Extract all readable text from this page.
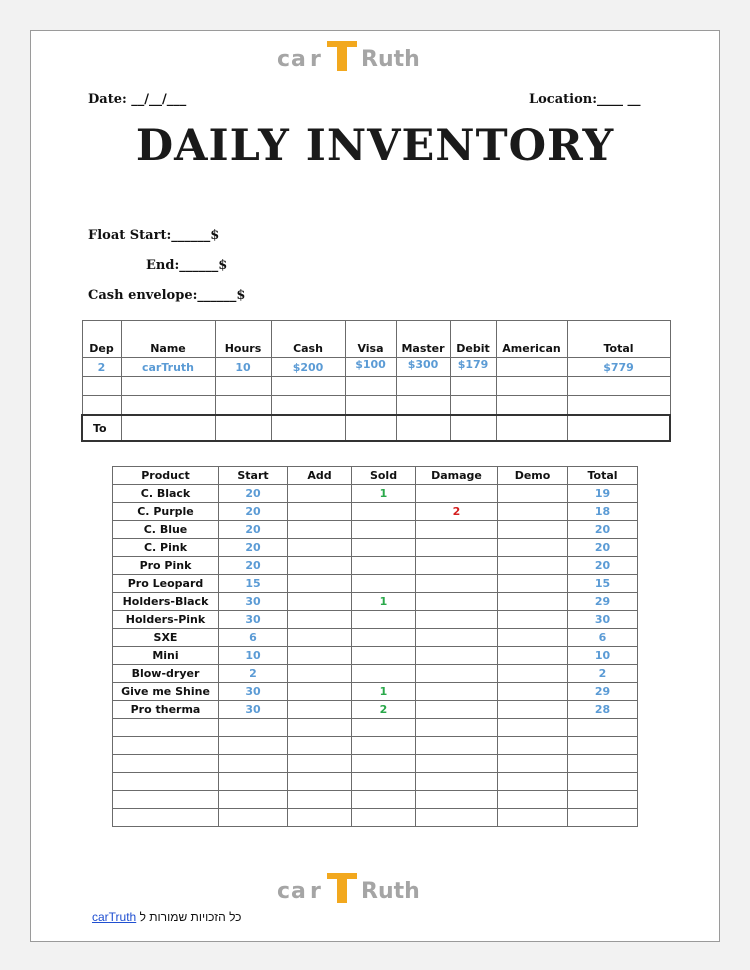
ca r Ruth
Date: __/__/___	Location:____ __
DAILY INVENTORY
Float Start:______$
End:______$
Cash envelope:______$
Dep	Name	Hours	Cash	Visa	Master	Debit	American	Total
2	carTruth	10	$200	$100	$300	$179		$779

To								
Product	Start	Add	Sold	Damage	Demo	Total
C. Black	20		1			19
C. Purple	20			2		18
C. Blue	20					20
C. Pink	20					20
Pro Pink	20					20
Pro Leopard	15					15
Holders-Black	30		1			29
Holders-Pink	30					30
SXE	6					6
Mini	10					10
Blow-dryer	2					2
Give me Shine	30		1			29
Pro therma	30		2			28

ca r Ruth
carTruth כל הזכויות שמורות ל
